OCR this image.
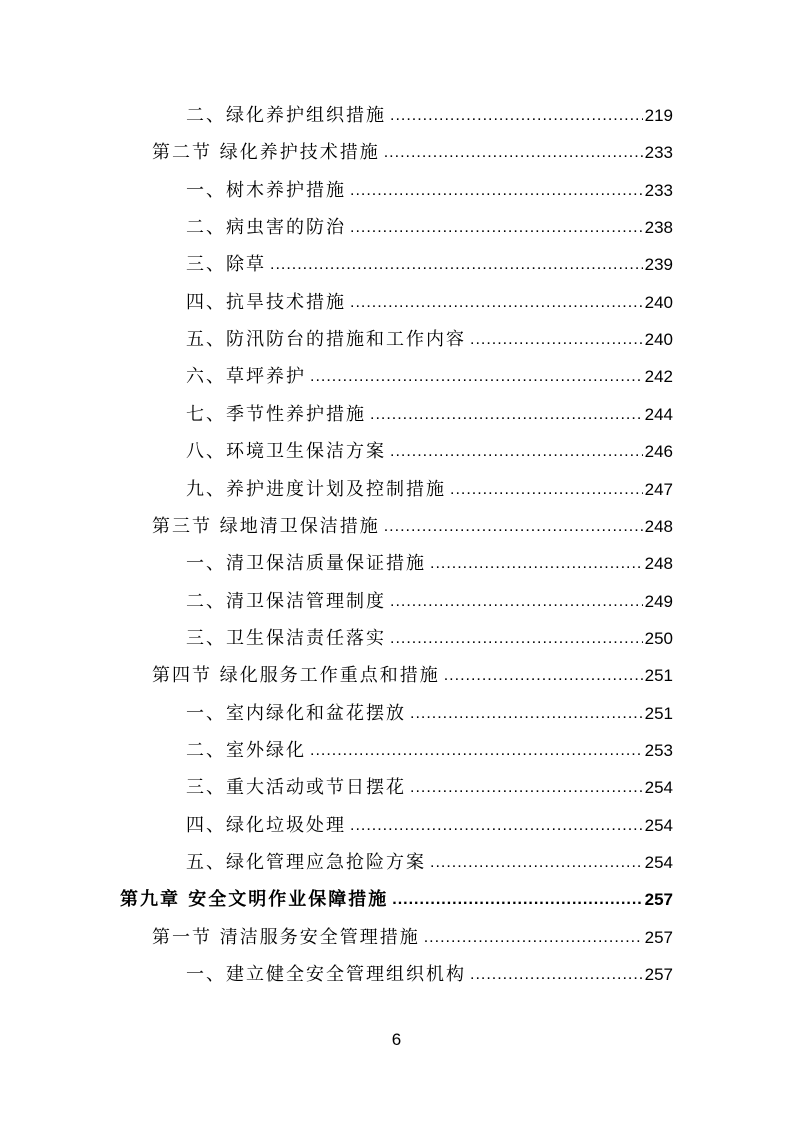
二、绿化养护组织措施 .....	219
第二节 绿化养护技术措施 .....	233
一、树木养护措施 .....	233
二、病虫害的防治 .....	238
三、除草 .....	239
四、抗旱技术措施 .....	240
五、防汛防台的措施和工作内容 .....	240
六、草坪养护 .....	242
七、季节性养护措施 .....	244
八、环境卫生保洁方案 .....	246
九、养护进度计划及控制措施 .....	247
第三节 绿地清卫保洁措施 .....	248
一、清卫保洁质量保证措施 .....	248
二、清卫保洁管理制度 .....	249
三、卫生保洁责任落实 .....	250
第四节 绿化服务工作重点和措施 .....	251
一、室内绿化和盆花摆放 .....	251
二、室外绿化 .....	253
三、重大活动或节日摆花 .....	254
四、绿化垃圾处理 .....	254
五、绿化管理应急抢险方案 .....	254
第九章 安全文明作业保障措施 .....	257
第一节 清洁服务安全管理措施 .....	257
一、建立健全安全管理组织机构 .....	257
6
